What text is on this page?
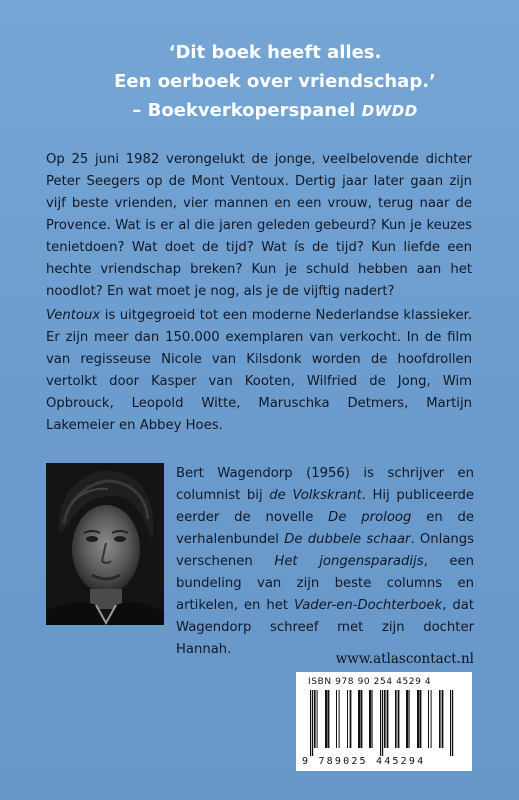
‘Dit boek heeft alles.
Een oerboek over vriendschap.’
– Boekverkoperspanel DWDD

Op 25 juni 1982 verongelukt de jonge, veelbelovende dichter Peter Seegers op de Mont Ventoux. Dertig jaar later gaan zijn vijf beste vrienden, vier mannen en een vrouw, terug naar de Provence. Wat is er al die jaren geleden gebeurd? Kun je keuzes tenietdoen? Wat doet de tijd? Wat ís de tijd? Kun liefde een hechte vriendschap breken? Kun je schuld hebben aan het noodlot? En wat moet je nog, als je de vijftig nadert?

Ventoux is uitgegroeid tot een moderne Nederlandse klassieker. Er zijn meer dan 150.000 exemplaren van verkocht. In de film van regisseuse Nicole van Kilsdonk worden de hoofdrollen vertolkt door Kasper van Kooten, Wilfried de Jong, Wim Opbrouck, Leopold Witte, Maruschka Detmers, Martijn Lakemeier en Abbey Hoes.

Bert Wagendorp (1956) is schrijver en columnist bij de Volkskrant. Hij publiceerde eerder de novelle De proloog en de verhalenbundel De dubbele schaar. Onlangs verschenen Het jongensparadijs, een bundeling van zijn beste columns en artikelen, en het Vader-en-Dochterboek, dat Wagendorp schreef met zijn dochter Hannah.

www.atlascontact.nl
ISBN 978 90 254 4529 4
9 789025 445294
